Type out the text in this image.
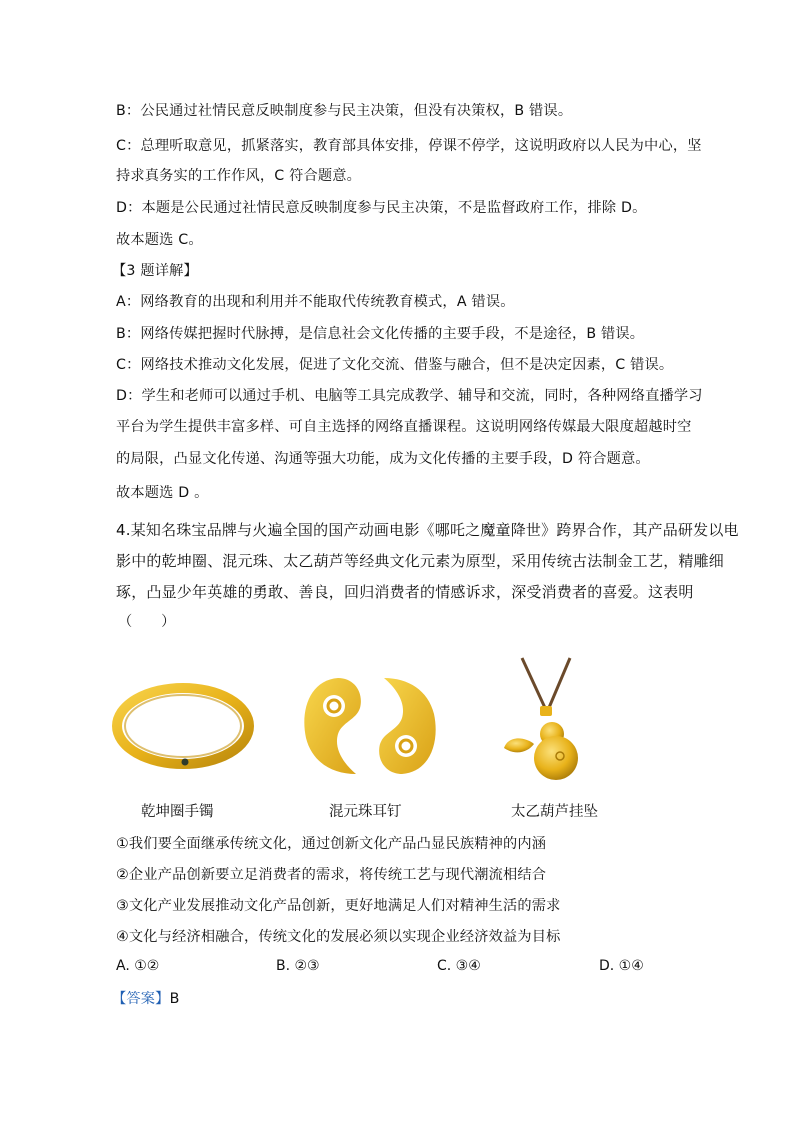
B：公民通过社情民意反映制度参与民主决策，但没有决策权，B 错误。
C：总理听取意见，抓紧落实，教育部具体安排，停课不停学，这说明政府以人民为中心，坚
持求真务实的工作作风，C 符合题意。
D：本题是公民通过社情民意反映制度参与民主决策，不是监督政府工作，排除 D。
故本题选 C。
【3 题详解】
A：网络教育的出现和利用并不能取代传统教育模式，A 错误。
B：网络传媒把握时代脉搏，是信息社会文化传播的主要手段，不是途径，B 错误。
C：网络技术推动文化发展，促进了文化交流、借鉴与融合，但不是决定因素，C 错误。
D：学生和老师可以通过手机、电脑等工具完成教学、辅导和交流，同时，各种网络直播学习
平台为学生提供丰富多样、可自主选择的网络直播课程。这说明网络传媒最大限度超越时空
的局限，凸显文化传递、沟通等强大功能，成为文化传播的主要手段，D 符合题意。
故本题选 D 。
4.某知名珠宝品牌与火遍全国的国产动画电影《哪吒之魔童降世》跨界合作，其产品研发以电
影中的乾坤圈、混元珠、太乙葫芦等经典文化元素为原型，采用传统古法制金工艺，精雕细
琢，凸显少年英雄的勇敢、善良，回归消费者的情感诉求，深受消费者的喜爱。这表明
（　　）
乾坤圈手镯	混元珠耳钉	太乙葫芦挂坠
①我们要全面继承传统文化，通过创新文化产品凸显民族精神的内涵
②企业产品创新要立足消费者的需求，将传统工艺与现代潮流相结合
③文化产业发展推动文化产品创新，更好地满足人们对精神生活的需求
④文化与经济相融合，传统文化的发展必须以实现企业经济效益为目标
A. ①②	B. ②③	C. ③④	D. ①④
【答案】B
